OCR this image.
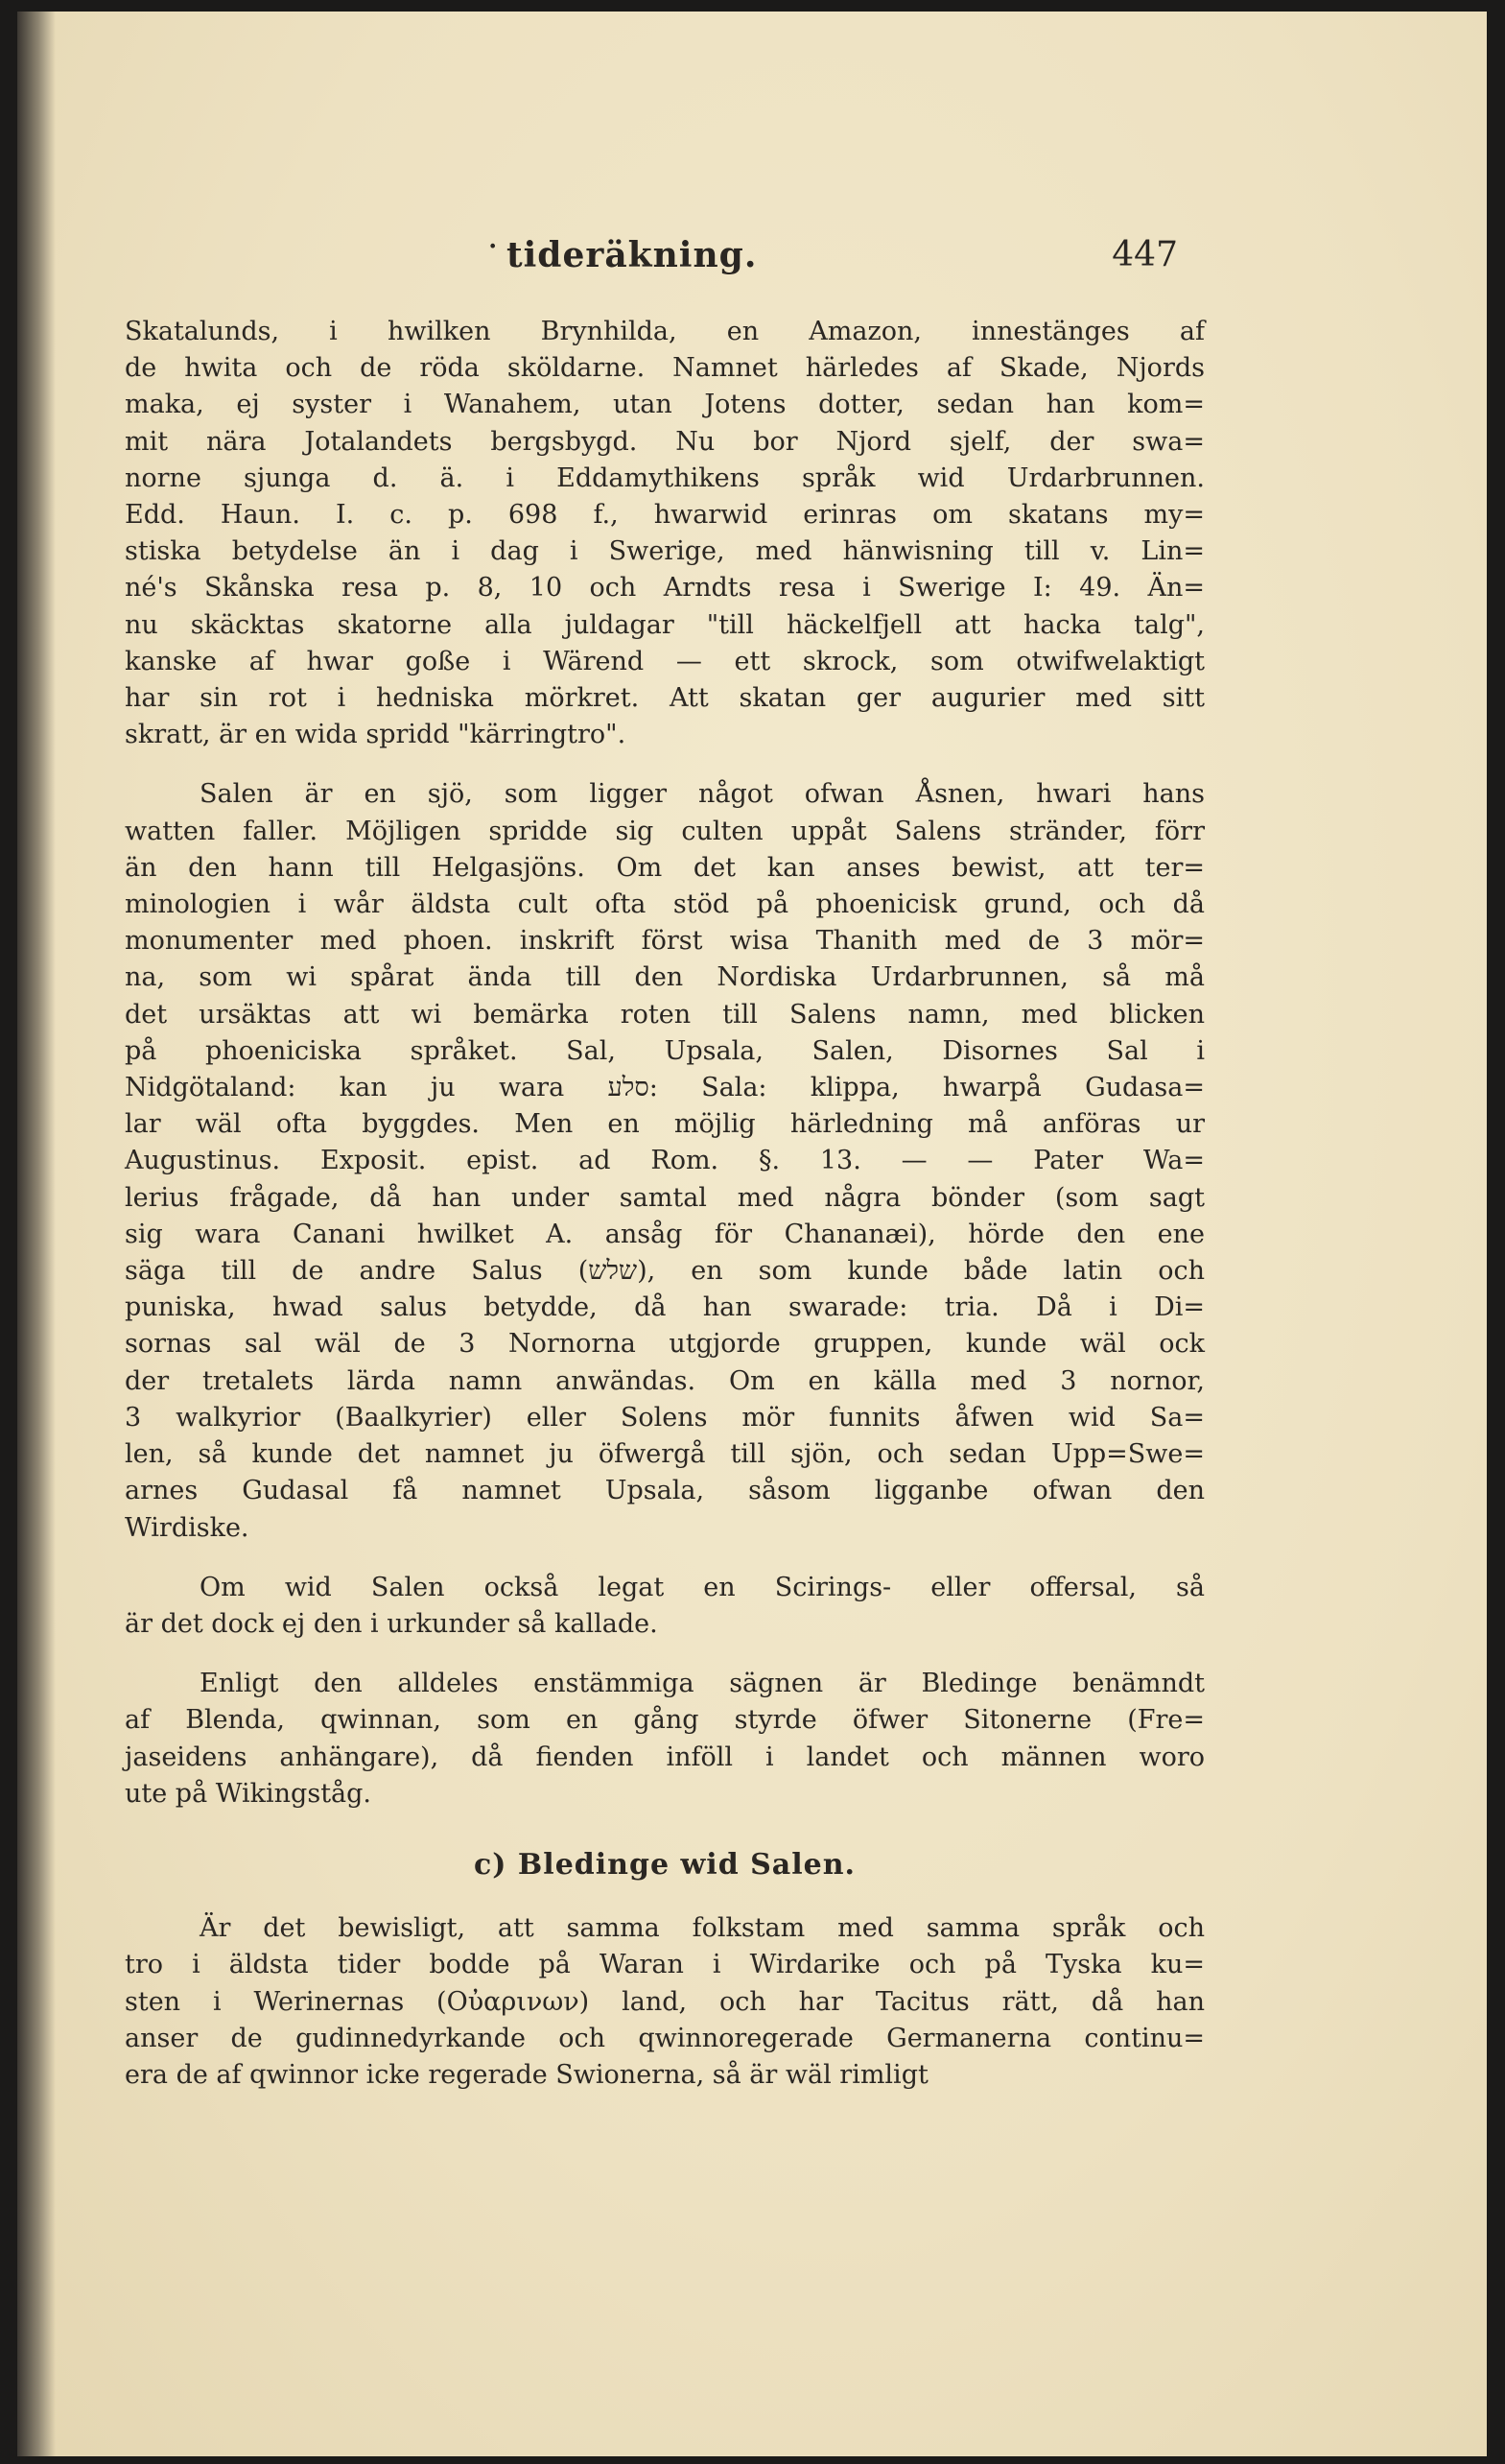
· tideräkning.	447
Skatalunds, i hwilken Brynhilda, en Amazon, innestänges af
de hwita och de röda sköldarne. Namnet härledes af Skade, Njords
maka, ej syster i Wanahem, utan Jotens dotter, sedan han kom=
mit nära Jotalandets bergsbygd. Nu bor Njord sjelf, der swa=
norne sjunga d. ä. i Eddamythikens språk wid Urdarbrunnen.
Edd. Haun. I. c. p. 698 f., hwarwid erinras om skatans my=
stiska betydelse än i dag i Swerige, med hänwisning till v. Lin=
né's Skånska resa p. 8, 10 och Arndts resa i Swerige I: 49. Än=
nu skäcktas skatorne alla juldagar "till häckelfjell att hacka talg",
kanske af hwar goße i Wärend — ett skrock, som otwifwelaktigt
har sin rot i hedniska mörkret. Att skatan ger augurier med sitt
skratt, är en wida spridd "kärringtro".
Salen är en sjö, som ligger något ofwan Åsnen, hwari hans
watten faller. Möjligen spridde sig culten uppåt Salens stränder, förr
än den hann till Helgasjöns. Om det kan anses bewist, att ter=
minologien i wår äldsta cult ofta stöd på phoenicisk grund, och då
monumenter med phoen. inskrift först wisa Thanith med de 3 mör=
na, som wi spårat ända till den Nordiska Urdarbrunnen, så må
det ursäktas att wi bemärka roten till Salens namn, med blicken
på phoeniciska språket. Sal, Upsala, Salen, Disornes Sal i
Nidgötaland: kan ju wara סלע: Sala: klippa, hwarpå Gudasa=
lar wäl ofta byggdes. Men en möjlig härledning må anföras ur
Augustinus. Exposit. epist. ad Rom. §. 13. — — Pater Wa=
lerius frågade, då han under samtal med några bönder (som sagt
sig wara Canani hwilket A. ansåg för Chananæi), hörde den ene
säga till de andre Salus (שלש), en som kunde både latin och
puniska, hwad salus betydde, då han swarade: tria. Då i Di=
sornas sal wäl de 3 Nornorna utgjorde gruppen, kunde wäl ock
der tretalets lärda namn anwändas. Om en källa med 3 nornor,
3 walkyrior (Baalkyrier) eller Solens mör funnits åfwen wid Sa=
len, så kunde det namnet ju öfwergå till sjön, och sedan Upp=Swe=
arnes Gudasal få namnet Upsala, såsom ligganbe ofwan den
Wirdiske.
Om wid Salen också legat en Scirings- eller offersal, så
är det dock ej den i urkunder så kallade.
Enligt den alldeles enstämmiga sägnen är Bledinge benämndt
af Blenda, qwinnan, som en gång styrde öfwer Sitonerne (Fre=
jaseidens anhängare), då fienden inföll i landet och männen woro
ute på Wikingståg.
c) Bledinge wid Salen.
Är det bewisligt, att samma folkstam med samma språk och
tro i äldsta tider bodde på Waran i Wirdarike och på Tyska ku=
sten i Werinernas (Οὐαρινων) land, och har Tacitus rätt, då han
anser de gudinnedyrkande och qwinnoregerade Germanerna continu=
era de af qwinnor icke regerade Swionerna, så är wäl rimligt
